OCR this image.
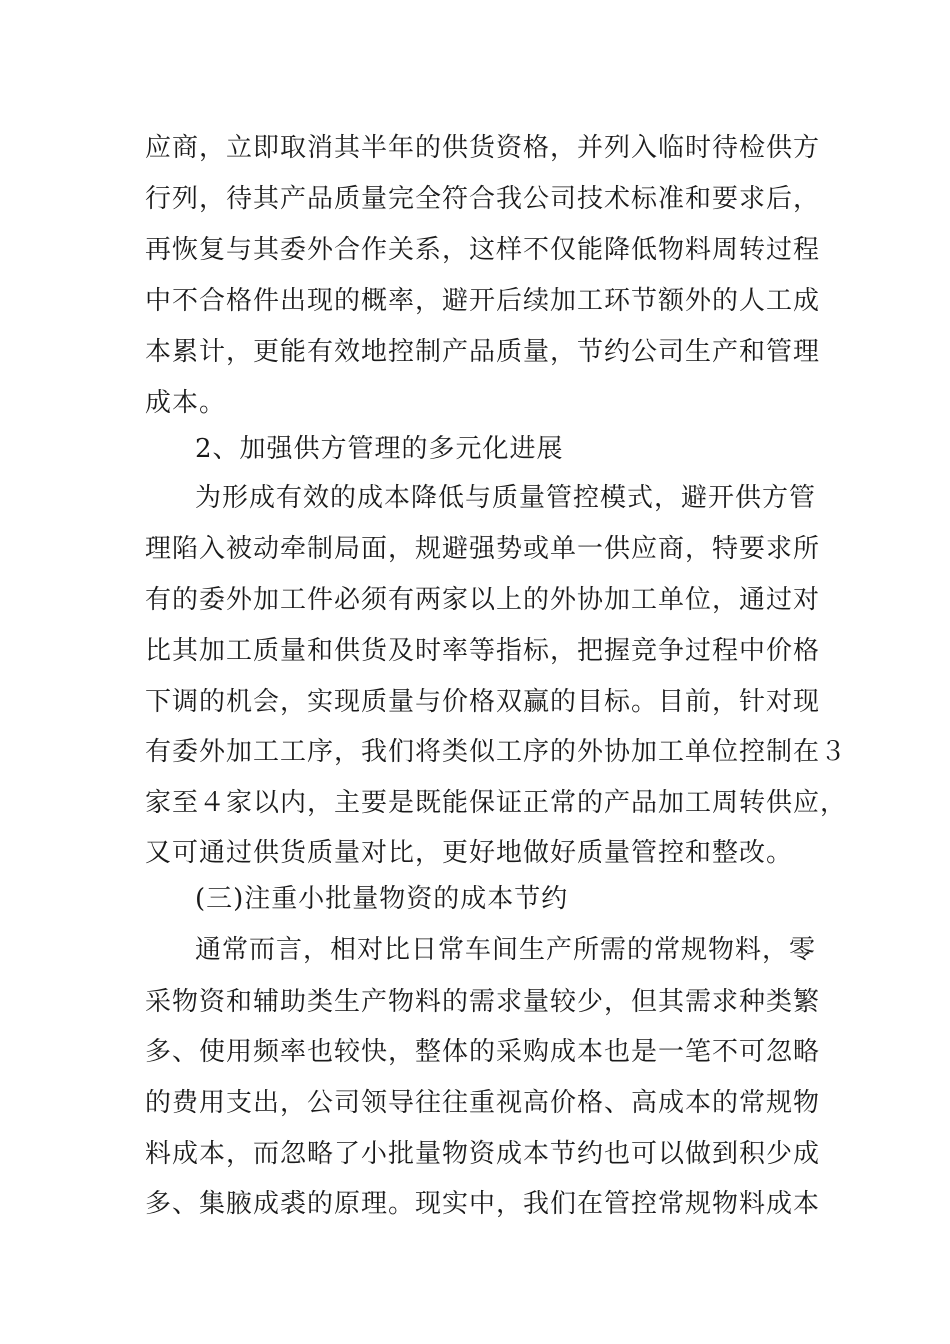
应商，立即取消其半年的供货资格，并列入临时待检供方
行列，待其产品质量完全符合我公司技术标准和要求后，
再恢复与其委外合作关系，这样不仅能降低物料周转过程
中不合格件出现的概率，避开后续加工环节额外的人工成
本累计，更能有效地控制产品质量，节约公司生产和管理
成本。
2、加强供方管理的多元化进展
为形成有效的成本降低与质量管控模式，避开供方管
理陷入被动牵制局面，规避强势或单一供应商，特要求所
有的委外加工件必须有两家以上的外协加工单位，通过对
比其加工质量和供货及时率等指标，把握竞争过程中价格
下调的机会，实现质量与价格双赢的目标。目前，针对现
有委外加工工序，我们将类似工序的外协加工单位控制在３
家至４家以内，主要是既能保证正常的产品加工周转供应，
又可通过供货质量对比，更好地做好质量管控和整改。
(三)注重小批量物资的成本节约
通常而言，相对比日常车间生产所需的常规物料，零
采物资和辅助类生产物料的需求量较少，但其需求种类繁
多、使用频率也较快，整体的采购成本也是一笔不可忽略
的费用支出，公司领导往往重视高价格、高成本的常规物
料成本，而忽略了小批量物资成本节约也可以做到积少成
多、集腋成裘的原理。现实中，我们在管控常规物料成本
